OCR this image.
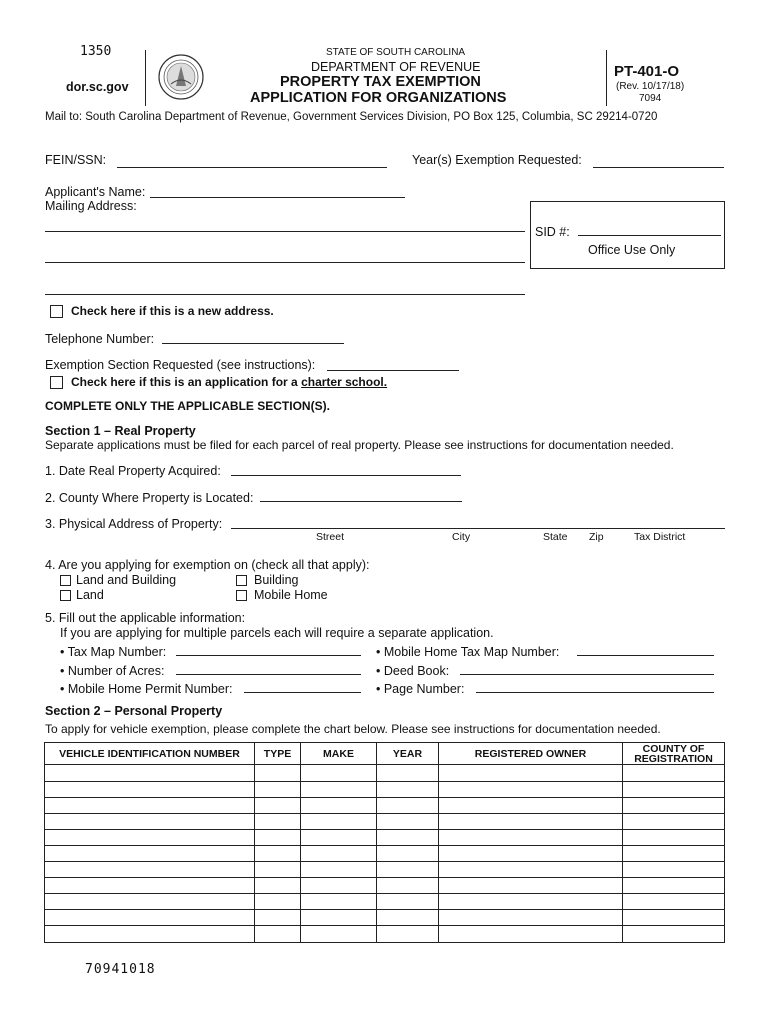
1350
dor.sc.gov
STATE OF SOUTH CAROLINA
DEPARTMENT OF REVENUE
PROPERTY TAX EXEMPTION
APPLICATION FOR ORGANIZATIONS
PT-401-O
(Rev. 10/17/18)
7094
Mail to: South Carolina Department of Revenue, Government Services Division, PO Box 125, Columbia, SC 29214-0720
FEIN/SSN:	Year(s) Exemption Requested:
Applicant's Name:
Mailing Address:
SID #:
Office Use Only
Check here if this is a new address.
Telephone Number:
Exemption Section Requested (see instructions):
Check here if this is an application for a charter school.
COMPLETE ONLY THE APPLICABLE SECTION(S).
Section 1 – Real Property
Separate applications must be filed for each parcel of real property. Please see instructions for documentation needed.
1. Date Real Property Acquired:
2. County Where Property is Located:
3. Physical Address of Property:
Street	City	State Zip	Tax District
4. Are you applying for exemption on (check all that apply):
Land and Building	Building
Land	Mobile Home
5. Fill out the applicable information:
If you are applying for multiple parcels each will require a separate application.
• Tax Map Number:	• Mobile Home Tax Map Number:
• Number of Acres:	• Deed Book:
• Mobile Home Permit Number:	• Page Number:
Section 2 – Personal Property
To apply for vehicle exemption, please complete the chart below. Please see instructions for documentation needed.
VEHICLE IDENTIFICATION NUMBER	TYPE	MAKE	YEAR	REGISTERED OWNER	COUNTY OF
REGISTRATION

70941018
